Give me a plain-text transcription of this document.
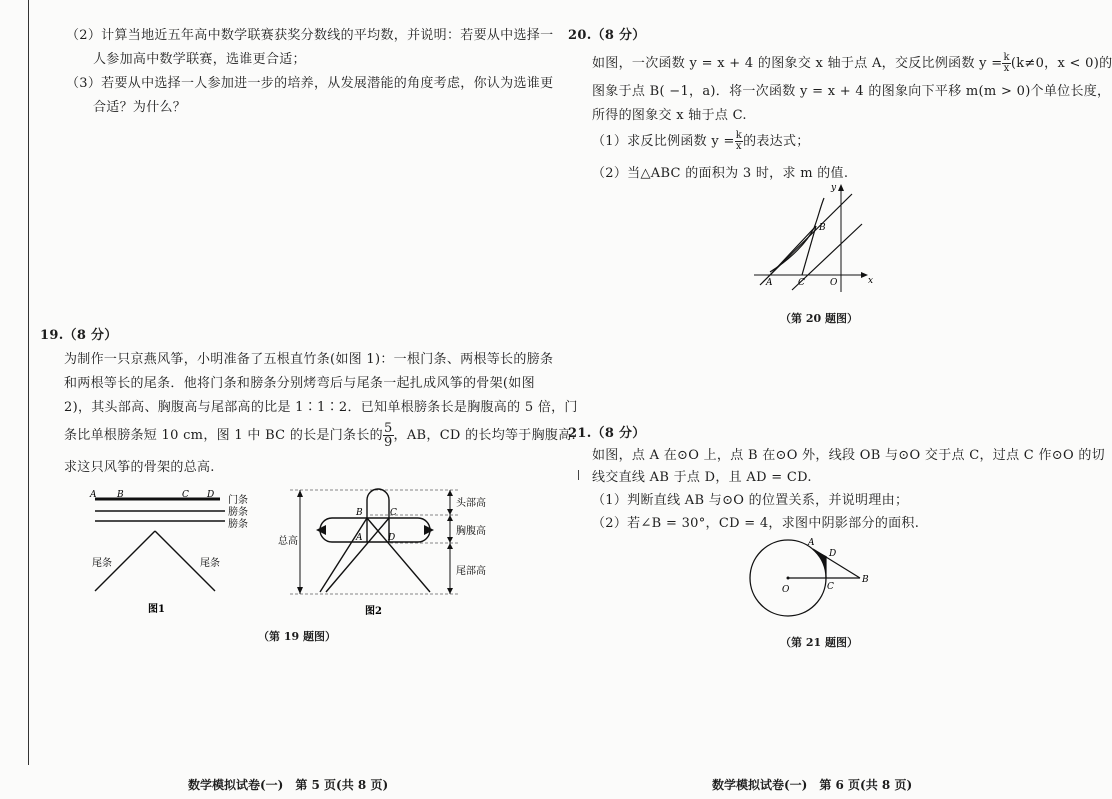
（2）计算当地近五年高中数学联赛获奖分数线的平均数，并说明：若要从中选择一
人参加高中数学联赛，选谁更合适；
（3）若要从中选择一人参加进一步的培养，从发展潜能的角度考虑，你认为选谁更
合适？为什么？
19.（8 分）
为制作一只京燕风筝，小明准备了五根直竹条(如图 1)：一根门条、两根等长的膀条
和两根等长的尾条．他将门条和膀条分别烤弯后与尾条一起扎成风筝的骨架(如图
2)，其头部高、胸腹高与尾部高的比是 1∶1∶2．已知单根膀条长是胸腹高的 5 倍，门
条比单根膀条短 10 cm，图 1 中 BC 的长是门条长的 $\frac{5}{9}$ ，AB，CD 的长均等于胸腹高.
求这只风筝的骨架的总高.
A B	C D 门条
膀条
膀条
尾条	尾条
图1
B	C
A	D
总高
头部高
胸腹高
尾部高
图2
（第 19 题图）
数学模拟试卷(一)　第 5 页(共 8 页)
20.（8 分）
如图，一次函数 y = x + 4 的图象交 x 轴于点 A，交反比例函数 $y = \frac{k}{x} (k\ne 0$，x < 0)的
图象于点 B( −1，a)．将一次函数 y = x + 4 的图象向下平移 m(m > 0)个单位长度，
所得的图象交 x 轴于点 C.
（1）求反比例函数 $y = \frac{k}{x}$ 的表达式；
（2）当△ABC 的面积为 3 时，求 m 的值.
y
x
B
A	C	O
（第 20 题图）
21.（8 分）
如图，点 A 在⊙O 上，点 B 在⊙O 外，线段 OB 与⊙O 交于点 C，过点 C 作⊙O 的切
线交直线 AB 于点 D，且 AD = CD.
（1）判断直线 AB 与⊙O 的位置关系，并说明理由；
（2）若∠B = 30°，CD = 4，求图中阴影部分的面积.
A
D
B
O	C
（第 21 题图）
数学模拟试卷(一)　第 6 页(共 8 页)
